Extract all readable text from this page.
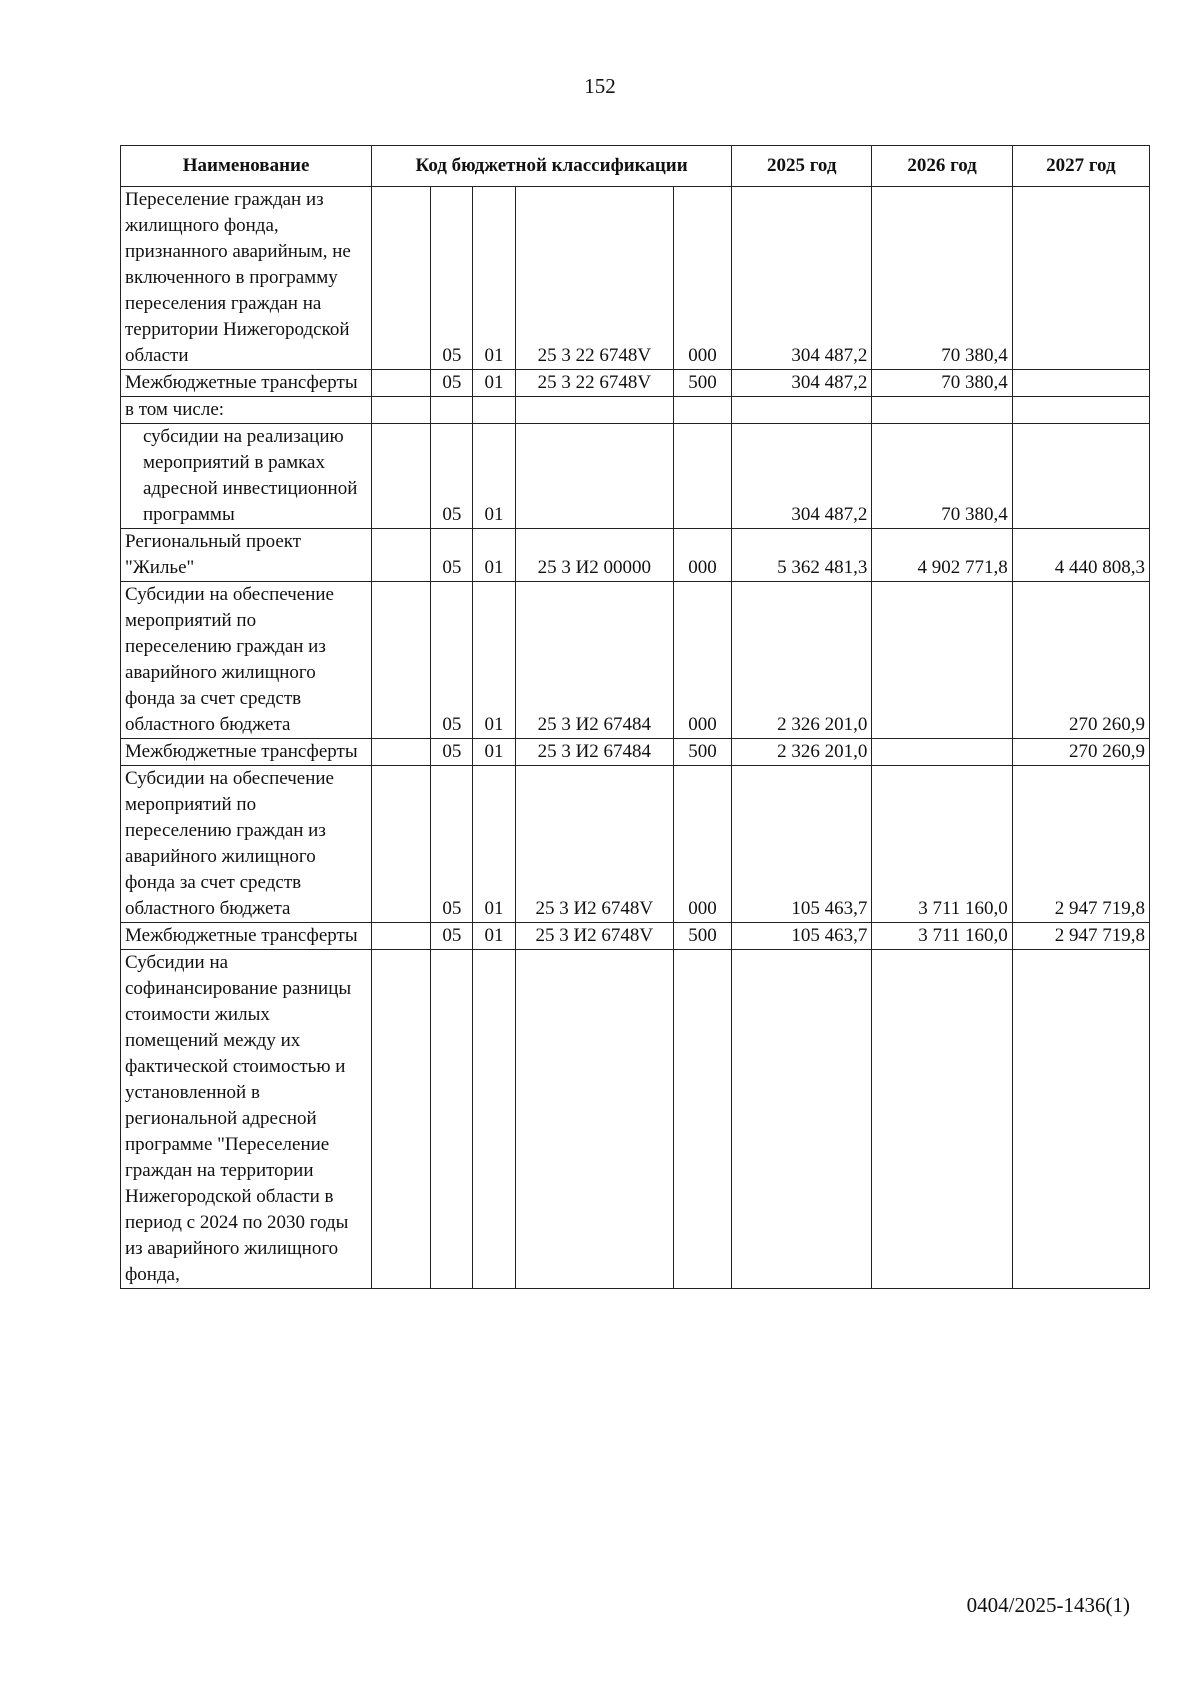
152
Наименование	Код бюджетной классификации					2025 год	2026 год	2027 год
Переселение граждан из жилищного фонда, признанного аварийным, не включенного в программу переселения граждан на территории Нижегородской области		05	01	25 3 22 6748V	000	304 487,2	70 380,4	
Межбюджетные трансферты		05	01	25 3 22 6748V	500	304 487,2	70 380,4	
в том числе:								
субсидии на реализацию мероприятий в рамках адресной инвестиционной программы		05	01			304 487,2	70 380,4	
Региональный проект "Жилье"		05	01	25 3 И2 00000	000	5 362 481,3	4 902 771,8	4 440 808,3
Субсидии на обеспечение мероприятий по переселению граждан из аварийного жилищного фонда за счет средств областного бюджета		05	01	25 3 И2 67484	000	2 326 201,0		270 260,9
Межбюджетные трансферты		05	01	25 3 И2 67484	500	2 326 201,0		270 260,9
Субсидии на обеспечение мероприятий по переселению граждан из аварийного жилищного фонда за счет средств областного бюджета		05	01	25 3 И2 6748V	000	105 463,7	3 711 160,0	2 947 719,8
Межбюджетные трансферты		05	01	25 3 И2 6748V	500	105 463,7	3 711 160,0	2 947 719,8
Субсидии на софинансирование разницы стоимости жилых помещений между их фактической стоимостью и установленной в региональной адресной программе "Переселение граждан на территории Нижегородской области в период с 2024 по 2030 годы из аварийного жилищного фонда,								
0404/2025-1436(1)
